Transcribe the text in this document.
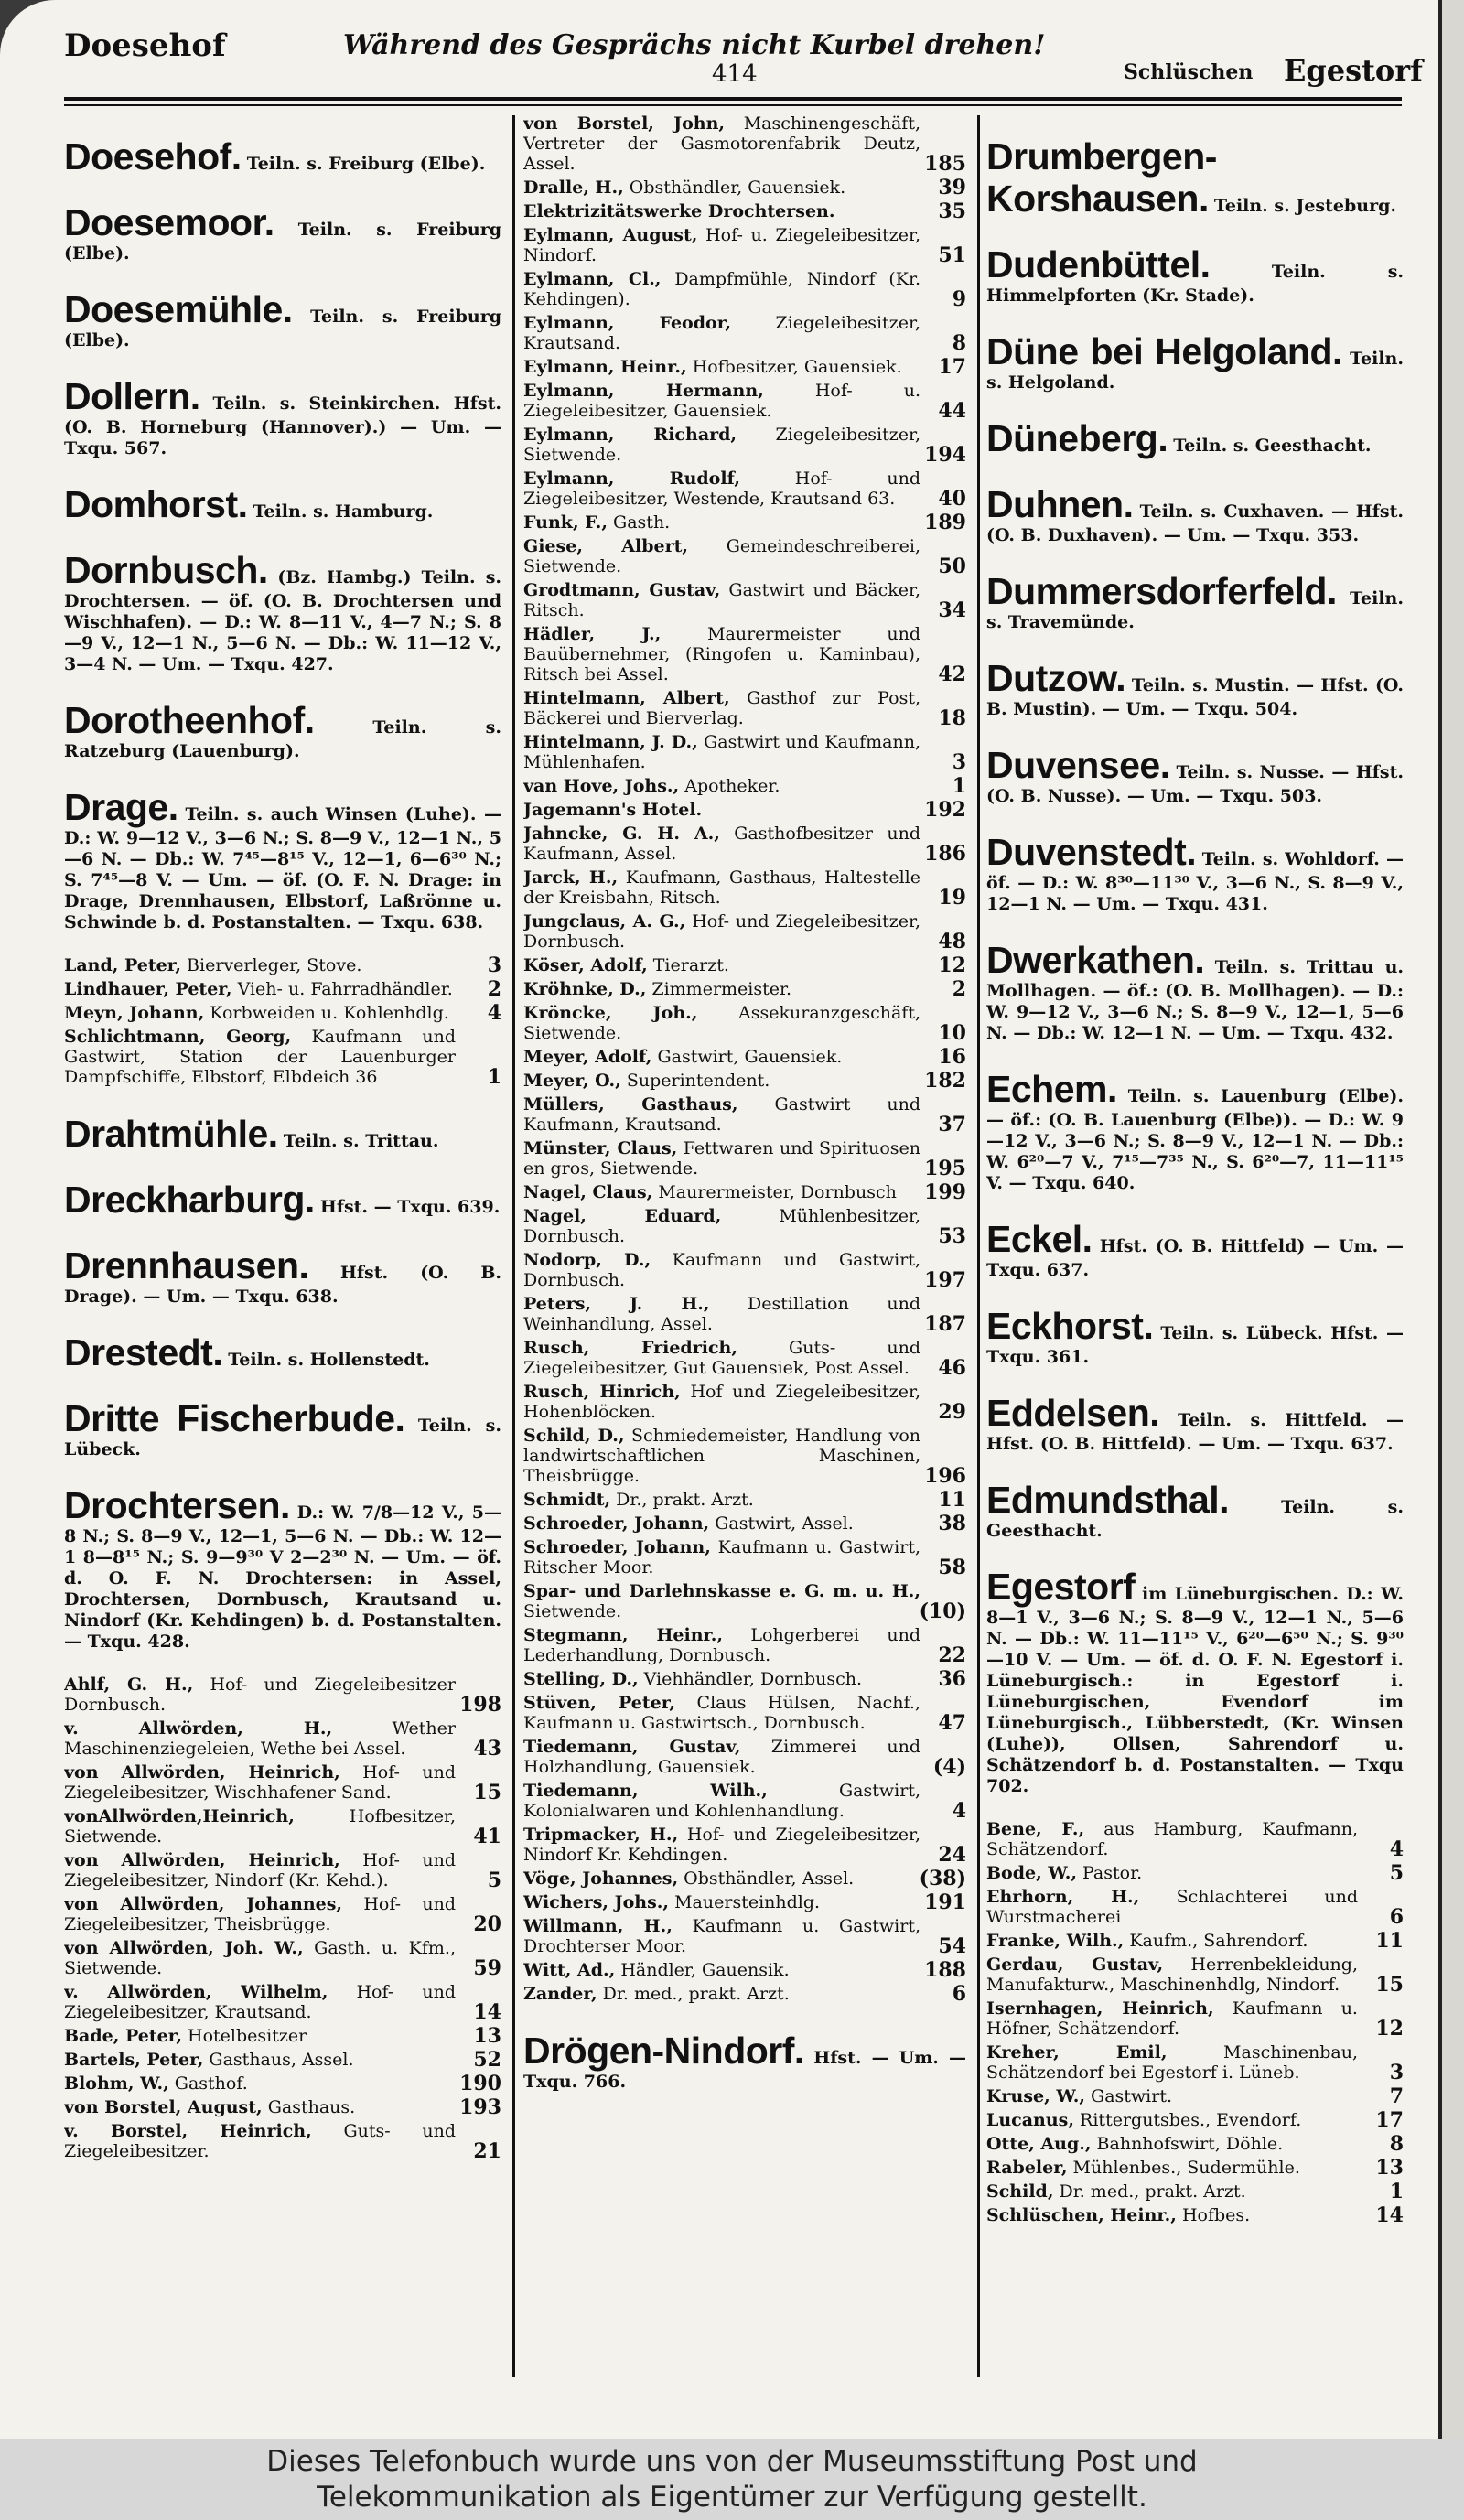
Doesehof	Während des Gesprächs nicht Kurbel drehen!
414	Schlüschen Egestorf
Doesehof. Teiln. s. Freiburg (Elbe).
Doesemoor. Teiln. s. Freiburg (Elbe).
Doesemühle. Teiln. s. Freiburg (Elbe).
Dollern. Teiln. s. Steinkirchen. Hfst. (O. B. Horneburg (Hannover).) — Um. — Txqu. 567.
Domhorst. Teiln. s. Hamburg.
Dornbusch. (Bz. Hambg.) Teiln. s. Drochtersen. — öf. (O. B. Drochtersen und Wischhafen). — D.: W. 8—11 V., 4—7 N.; S. 8—9 V., 12—1 N., 5—6 N. — Db.: W. 11—12 V., 3—4 N. — Um. — Txqu. 427.
Dorotheenhof.	Teiln. s. Ratzeburg (Lauenburg).
Drage. Teiln. s. auch Winsen (Luhe). — D.: W. 9—12 V., 3—6 N.; S. 8—9 V., 12—1 N., 5—6 N. — Db.: W. 7⁴⁵—8¹⁵ V., 12—1, 6—6³⁰ N.; S. 7⁴⁵—8 V. — Um. — öf. (O. F. N. Drage: in Drage, Drennhausen, Elbstorf, Laßrönne u. Schwinde b. d. Postanstalten. — Txqu. 638.
Land, Peter, Bierverleger, Stove.	3
Lindhauer, Peter, Vieh- u. Fahrradhändler. 2
Meyn, Johann, Korbweiden u. Kohlenhdlg. 4
Schlichtmann, Georg, Kaufmann und Gastwirt, Station der Lauenburger Dampfschiffe, Elbstorf, Elbdeich 36	1
Drahtmühle. Teiln. s. Trittau.
Dreckharburg. Hfst. — Txqu. 639.
Drennhausen. Hfst. (O. B. Drage). — Um. — Txqu. 638.
Drestedt. Teiln. s. Hollenstedt.
Dritte Fischerbude. Teiln. s. Lübeck.
Drochtersen. D.: W. 7/8—12 V., 5—8 N.; S. 8—9 V., 12—1, 5—6 N. — Db.: W. 12—1 8—8¹⁵ N.; S. 9—9³⁰ V 2—2³⁰ N. — Um. — öf. d. O. F. N. Drochtersen: in Assel, Drochtersen, Dornbusch, Krautsand u. Nindorf (Kr. Kehdingen) b. d. Postanstalten. — Txqu. 428.
Ahlf, G. H., Hof- und Ziegeleibesitzer Dornbusch.	198
v. Allwörden, H.,	Wether Maschinenziegeleien, Wethe bei Assel.	43
von Allwörden, Heinrich, Hof- und Ziegeleibesitzer, Wischhafener Sand.	15
vonAllwörden,Heinrich,	Hofbesitzer, Sietwende.	41
von Allwörden, Heinrich, Hof- und Ziegeleibesitzer, Nindorf (Kr. Kehd.).	5
von Allwörden, Johannes, Hof- und Ziegeleibesitzer, Theisbrügge.	20
von Allwörden, Joh. W., Gasth. u. Kfm., Sietwende.	59
v. Allwörden, Wilhelm, Hof- und Ziegeleibesitzer, Krautsand.	14
Bade, Peter, Hotelbesitzer	13
Bartels, Peter, Gasthaus, Assel.	52
Blohm, W., Gasthof.	190
von Borstel, August, Gasthaus.	193
v. Borstel, Heinrich, Guts- und Ziegeleibesitzer.	21
von Borstel, John, Maschinengeschäft, Vertreter der Gasmotorenfabrik Deutz, Assel.	185
Dralle, H., Obsthändler, Gauensiek.	39
Elektrizitätswerke Drochtersen.	35
Eylmann, August, Hof- u. Ziegeleibesitzer, Nindorf.	51
Eylmann, Cl., Dampfmühle, Nindorf (Kr. Kehdingen).	9
Eylmann, Feodor,	Ziegeleibesitzer, Krautsand.	8
Eylmann, Heinr., Hofbesitzer, Gauensiek. 17
Eylmann, Hermann,	Hof- u. Ziegeleibesitzer, Gauensiek.	44
Eylmann, Richard, Ziegeleibesitzer, Sietwende.	194
Eylmann, Rudolf,	Hof- und Ziegeleibesitzer, Westende, Krautsand 63. 40
Funk, F., Gasth.	189
Giese, Albert, Gemeindeschreiberei, Sietwende.	50
Grodtmann, Gustav, Gastwirt und Bäcker, Ritsch.	34
Hädler, J.,	Maurermeister und Bauübernehmer, (Ringofen u. Kaminbau), Ritsch bei Assel.	42
Hintelmann, Albert, Gasthof zur Post, Bäckerei und Bierverlag.	18
Hintelmann, J. D., Gastwirt und Kaufmann, Mühlenhafen.	3
van Hove, Johs., Apotheker.	1
Jagemann's Hotel.	192
Jahncke, G. H. A., Gasthofbesitzer und Kaufmann, Assel.	186
Jarck, H., Kaufmann, Gasthaus, Haltestelle der Kreisbahn, Ritsch.	19
Jungclaus, A. G., Hof- und Ziegeleibesitzer, Dornbusch.	48
Köser, Adolf, Tierarzt.	12
Kröhnke, D., Zimmermeister.	2
Kröncke, Joh., Assekuranzgeschäft, Sietwende.	10
Meyer, Adolf, Gastwirt, Gauensiek.	16
Meyer, O., Superintendent.	182
Müllers, Gasthaus, Gastwirt und Kaufmann, Krautsand.	37
Münster, Claus, Fettwaren und Spirituosen en gros, Sietwende.	195
Nagel, Claus, Maurermeister, Dornbusch 199
Nagel, Eduard,	Mühlenbesitzer, Dornbusch.	53
Nodorp, D., Kaufmann und Gastwirt, Dornbusch.	197
Peters, J. H., Destillation und Weinhandlung, Assel.	187
Rusch, Friedrich,	Guts- und Ziegeleibesitzer, Gut Gauensiek, Post Assel. 46
Rusch, Hinrich, Hof und Ziegeleibesitzer, Hohenblöcken.	29
Schild, D., Schmiedemeister, Handlung von landwirtschaftlichen Maschinen, Theisbrügge.	196
Schmidt, Dr., prakt. Arzt.	11
Schroeder, Johann, Gastwirt, Assel.	38
Schroeder, Johann, Kaufmann u. Gastwirt, Ritscher Moor.	58
Spar- und Darlehnskasse e. G. m. u. H., Sietwende.	(10)
Stegmann, Heinr., Lohgerberei und Lederhandlung, Dornbusch.	22
Stelling, D., Viehhändler, Dornbusch.	36
Stüven, Peter, Claus Hülsen, Nachf., Kaufmann u. Gastwirtsch., Dornbusch.	47
Tiedemann, Gustav, Zimmerei und Holzhandlung, Gauensiek.	(4)
Tiedemann, Wilh.,	Gastwirt, Kolonialwaren und Kohlenhandlung.	4
Tripmacker, H., Hof- und Ziegeleibesitzer, Nindorf Kr. Kehdingen.	24
Vöge, Johannes, Obsthändler, Assel.	(38)
Wichers, Johs., Mauersteinhdlg.	191
Willmann, H., Kaufmann u. Gastwirt, Drochterser Moor.	54
Witt, Ad., Händler, Gauensik.	188
Zander, Dr. med., prakt. Arzt.	6
Drögen-Nindorf. Hfst. — Um. — Txqu. 766.
Drumbergen-Korshausen. Teiln. s. Jesteburg.
Dudenbüttel.	Teiln. s. Himmelpforten (Kr. Stade).
Düne bei Helgoland. Teiln. s. Helgoland.
Düneberg. Teiln. s. Geesthacht.
Duhnen. Teiln. s. Cuxhaven. — Hfst. (O. B. Duxhaven). — Um. — Txqu. 353.
Dummersdorferfeld. Teiln. s. Travemünde.
Dutzow. Teiln. s. Mustin. — Hfst. (O. B. Mustin). — Um. — Txqu. 504.
Duvensee. Teiln. s. Nusse. — Hfst. (O. B. Nusse). — Um. — Txqu. 503.
Duvenstedt. Teiln. s. Wohldorf. — öf. — D.: W. 8³⁰—11³⁰ V., 3—6 N., S. 8—9 V., 12—1 N. — Um. — Txqu. 431.
Dwerkathen. Teiln. s. Trittau u. Mollhagen. — öf.: (O. B. Mollhagen). — D.: W. 9—12 V., 3—6 N.; S. 8—9 V., 12—1, 5—6 N. — Db.: W. 12—1 N. — Um. — Txqu. 432.
Echem. Teiln. s. Lauenburg (Elbe). — öf.: (O. B. Lauenburg (Elbe)). — D.: W. 9—12 V., 3—6 N.; S. 8—9 V., 12—1 N. — Db.: W. 6²⁰—7 V., 7¹⁵—7³⁵ N., S. 6²⁰—7, 11—11¹⁵ V. — Txqu. 640.
Eckel. Hfst. (O. B. Hittfeld) — Um. — Txqu. 637.
Eckhorst. Teiln. s. Lübeck. Hfst. — Txqu. 361.
Eddelsen. Teiln. s. Hittfeld. — Hfst. (O. B. Hittfeld). — Um. — Txqu. 637.
Edmundsthal.	Teiln. s. Geesthacht.
Egestorf im Lüneburgischen. D.: W. 8—1 V., 3—6 N.; S. 8—9 V., 12—1 N., 5—6 N. — Db.: W. 11—11¹⁵ V., 6²⁰—6⁵⁰ N.; S. 9³⁰—10 V. — Um. — öf. d. O. F. N. Egestorf i. Lüneburgisch.: in Egestorf i. Lüneburgischen, Evendorf im Lüneburgisch., Lübberstedt, (Kr. Winsen (Luhe)), Ollsen, Sahrendorf u. Schätzendorf b. d. Postanstalten. — Txqu 702.
Bene, F., aus Hamburg, Kaufmann, Schätzendorf.	4
Bode, W., Pastor.	5
Ehrhorn, H., Schlachterei und Wurstmacherei	6
Franke, Wilh., Kaufm., Sahrendorf.	11
Gerdau, Gustav, Herrenbekleidung, Manufakturw., Maschinenhdlg, Nindorf. 15
Isernhagen, Heinrich, Kaufmann u. Höfner, Schätzendorf.	12
Kreher, Emil,	Maschinenbau, Schätzendorf bei Egestorf i. Lüneb.	3
Kruse, W., Gastwirt.	7
Lucanus, Rittergutsbes., Evendorf.	17
Otte, Aug., Bahnhofswirt, Döhle.	8
Rabeler, Mühlenbes., Sudermühle.	13
Schild, Dr. med., prakt. Arzt.	1
Schlüschen, Heinr., Hofbes.	14
Dieses Telefonbuch wurde uns von der Museumsstiftung Post und
Telekommunikation als Eigentümer zur Verfügung gestellt.
